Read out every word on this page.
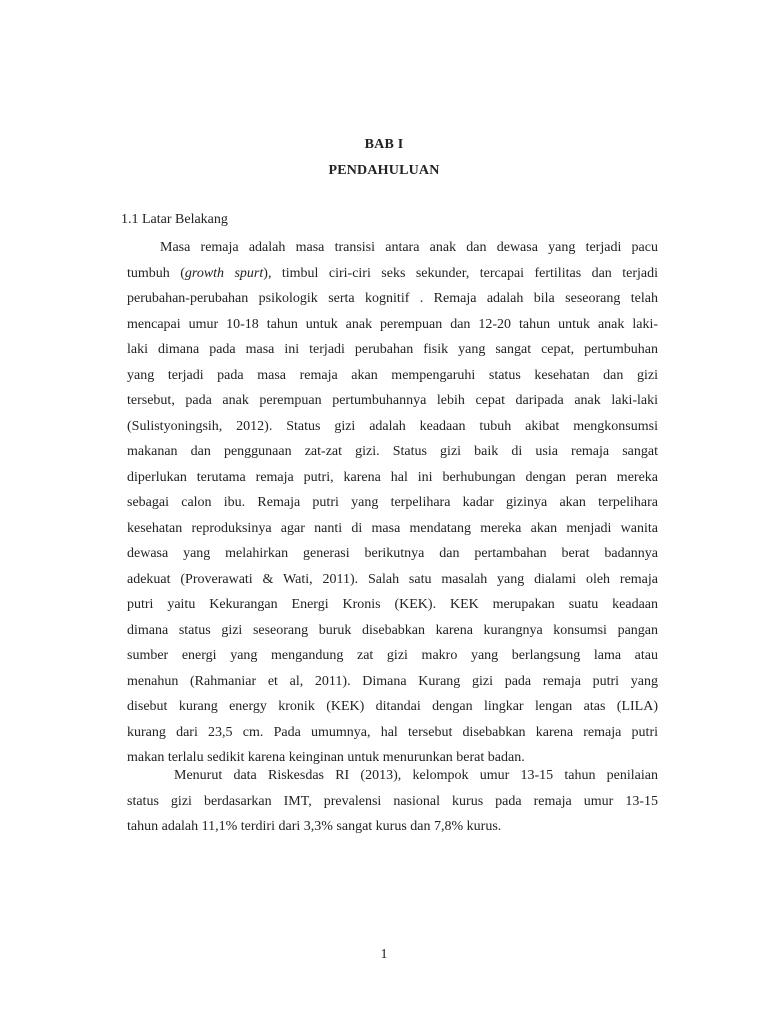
BAB I
PENDAHULUAN
1.1 Latar Belakang
Masa remaja adalah masa transisi antara anak dan dewasa yang terjadi pacu
tumbuh (growth spurt), timbul ciri-ciri seks sekunder, tercapai fertilitas dan terjadi
perubahan-perubahan psikologik serta kognitif . Remaja adalah bila seseorang telah
mencapai umur 10-18 tahun untuk anak perempuan dan 12-20 tahun untuk anak laki-
laki dimana pada masa ini terjadi perubahan fisik yang sangat cepat, pertumbuhan
yang terjadi pada masa remaja akan mempengaruhi status kesehatan dan gizi
tersebut, pada anak perempuan pertumbuhannya lebih cepat daripada anak laki-laki
(Sulistyoningsih, 2012). Status gizi adalah keadaan tubuh akibat mengkonsumsi
makanan dan penggunaan zat-zat gizi. Status gizi baik di usia remaja sangat
diperlukan terutama remaja putri, karena hal ini berhubungan dengan peran mereka
sebagai calon ibu. Remaja putri yang terpelihara kadar gizinya akan terpelihara
kesehatan reproduksinya agar nanti di masa mendatang mereka akan menjadi wanita
dewasa yang melahirkan generasi berikutnya dan pertambahan berat badannya
adekuat (Proverawati & Wati, 2011). Salah satu masalah yang dialami oleh remaja
putri yaitu Kekurangan Energi Kronis (KEK). KEK merupakan suatu keadaan
dimana status gizi seseorang buruk disebabkan karena kurangnya konsumsi pangan
sumber energi yang mengandung zat gizi makro yang berlangsung lama atau
menahun (Rahmaniar et al, 2011). Dimana Kurang gizi pada remaja putri yang
disebut kurang energy kronik (KEK) ditandai dengan lingkar lengan atas (LILA)
kurang dari 23,5 cm. Pada umumnya, hal tersebut disebabkan karena remaja putri
makan terlalu sedikit karena keinginan untuk menurunkan berat badan.
Menurut data Riskesdas RI (2013), kelompok umur 13-15 tahun penilaian
status gizi berdasarkan IMT, prevalensi nasional kurus pada remaja umur 13-15
tahun adalah 11,1% terdiri dari 3,3% sangat kurus dan 7,8% kurus.
1
